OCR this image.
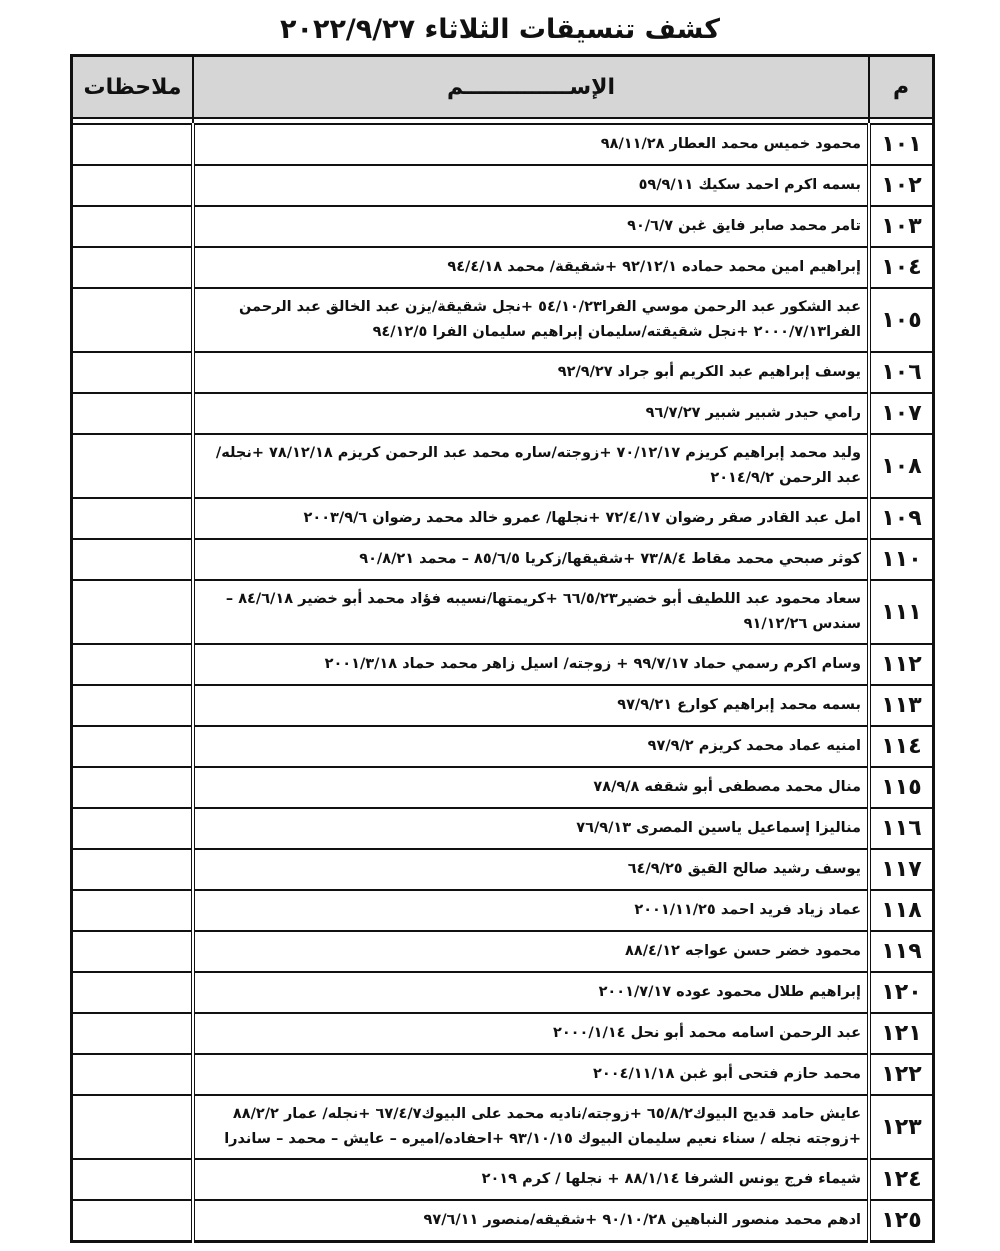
كشف تنسيقات الثلاثاء ٢٠٢٢/٩/٢٧
م	الإســــــــــــــم	ملاحظات

١٠١	محمود خميس محمد العطار ٩٨/١١/٢٨	
١٠٢	بسمه اكرم احمد سكيك ٥٩/٩/١١	
١٠٣	تامر محمد صابر فايق غبن ٩٠/٦/٧	
١٠٤	إبراهيم امين محمد حماده ٩٢/١٢/١ +شقيقة/ محمد ٩٤/٤/١٨	
١٠٥	عبد الشكور عبد الرحمن موسي الفرا٥٤/١٠/٢٣ +نجل شقيقة/يزن عبد الخالق عبد الرحمن الفرا٢٠٠٠/٧/١٣ +نجل شقيقته/سليمان إبراهيم سليمان الفرا ٩٤/١٢/٥	
١٠٦	يوسف إبراهيم عبد الكريم أبو جراد ٩٢/٩/٢٧	
١٠٧	رامي حيدر شبير شبير ٩٦/٧/٢٧	
١٠٨	وليد محمد إبراهيم كريزم ٧٠/١٢/١٧ +زوجته/ساره محمد عبد الرحمن كريزم ٧٨/١٢/١٨ +نجله/ عبد الرحمن ٢٠١٤/٩/٢	
١٠٩	امل عبد القادر صقر رضوان ٧٢/٤/١٧ +نجلها/ عمرو خالد محمد رضوان ٢٠٠٣/٩/٦	
١١٠	كوثر صبحي محمد مقاط ٧٣/٨/٤ +شقيقها/زكريا ٨٥/٦/٥ – محمد ٩٠/٨/٢١	
١١١	سعاد محمود عبد اللطيف أبو خضير٦٦/٥/٢٣ +كريمتها/نسيبه فؤاد محمد أبو خضير ٨٤/٦/١٨ – سندس ٩١/١٢/٢٦	
١١٢	وسام اكرم رسمي حماد ٩٩/٧/١٧ + زوجته/ اسيل زاهر محمد حماد ٢٠٠١/٣/١٨	
١١٣	بسمه محمد إبراهيم كوارع ٩٧/٩/٢١	
١١٤	امنيه عماد محمد كريزم ٩٧/٩/٢	
١١٥	منال محمد مصطفى أبو شقفه ٧٨/٩/٨	
١١٦	مناليزا إسماعيل ياسين المصرى ٧٦/٩/١٣	
١١٧	يوسف رشيد صالح القيق ٦٤/٩/٢٥	
١١٨	عماد زياد فريد احمد ٢٠٠١/١١/٢٥	
١١٩	محمود خضر حسن عواجه ٨٨/٤/١٢	
١٢٠	إبراهيم طلال محمود عوده ٢٠٠١/٧/١٧	
١٢١	عبد الرحمن اسامه محمد أبو نحل ٢٠٠٠/١/١٤	
١٢٢	محمد حازم فتحى أبو غبن ٢٠٠٤/١١/١٨	
١٢٣	عايش حامد قديح البيوك٦٥/٨/٢ +زوجته/ناديه محمد على البيوك٦٧/٤/٧ +نجله/ عمار ٨٨/٢/٢ +زوجته نجله / سناء نعيم سليمان البيوك ٩٣/١٠/١٥ +احفاده/اميره – عايش – محمد – ساندرا	
١٢٤	شيماء فرج يونس الشرفا ٨٨/١/١٤ + نجلها / كرم ٢٠١٩	
١٢٥	ادهم محمد منصور النباهين ٩٠/١٠/٢٨ +شقيقه/منصور ٩٧/٦/١١	
